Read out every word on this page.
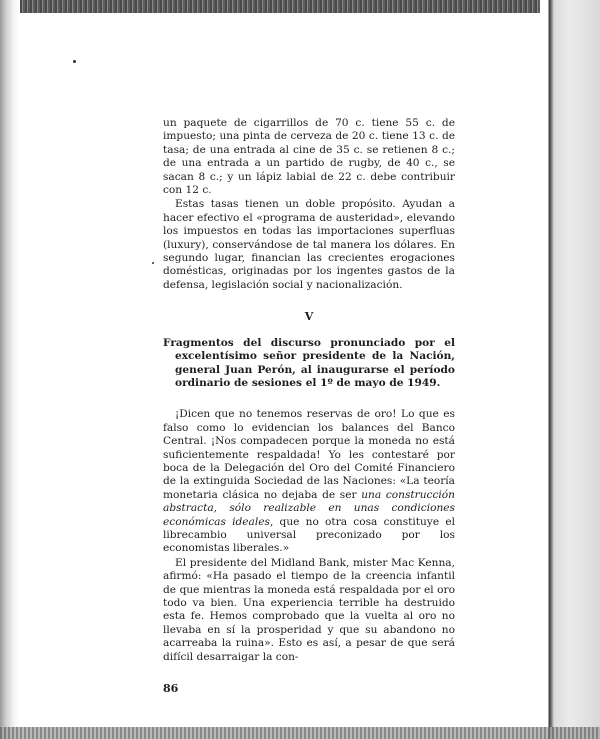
un paquete de cigarrillos de 70 c. tiene 55 c. de impuesto; una pinta de cerveza de 20 c. tiene 13 c. de tasa; de una entrada al cine de 35 c. se retienen 8 c.; de una entrada a un partido de rugby, de 40 c., se sacan 8 c.; y un lápiz labial de 22 c. debe contribuir con 12 c.

Estas tasas tienen un doble propósito. Ayudan a hacer efectivo el «programa de austeridad», elevando los impuestos en todas las importaciones superfluas (luxury), conservándose de tal manera los dólares. En segundo lugar, financian las crecientes erogaciones domésticas, originadas por los ingentes gastos de la defensa, legislación social y nacionalización.

V

Fragmentos del discurso pronunciado por el excelentísimo señor presidente de la Nación, general Juan Perón, al inaugurarse el período ordinario de sesiones el 1º de mayo de 1949.

¡Dicen que no tenemos reservas de oro! Lo que es falso como lo evidencian los balances del Banco Central. ¡Nos compadecen porque la moneda no está suficientemente respaldada! Yo les contestaré por boca de la Delegación del Oro del Comité Financiero de la extinguida Sociedad de las Naciones: «La teoría monetaria clásica no dejaba de ser una construcción abstracta, sólo realizable en unas condiciones económicas ideales, que no otra cosa constituye el librecambio universal preconizado por los economistas liberales.»

El presidente del Midland Bank, mister Mac Kenna, afirmó: «Ha pasado el tiempo de la creencia infantil de que mientras la moneda está respaldada por el oro todo va bien. Una experiencia terrible ha destruido esta fe. Hemos comprobado que la vuelta al oro no llevaba en sí la prosperidad y que su abandono no acarreaba la ruina». Esto es así, a pesar de que será difícil desarraigar la con-

86
